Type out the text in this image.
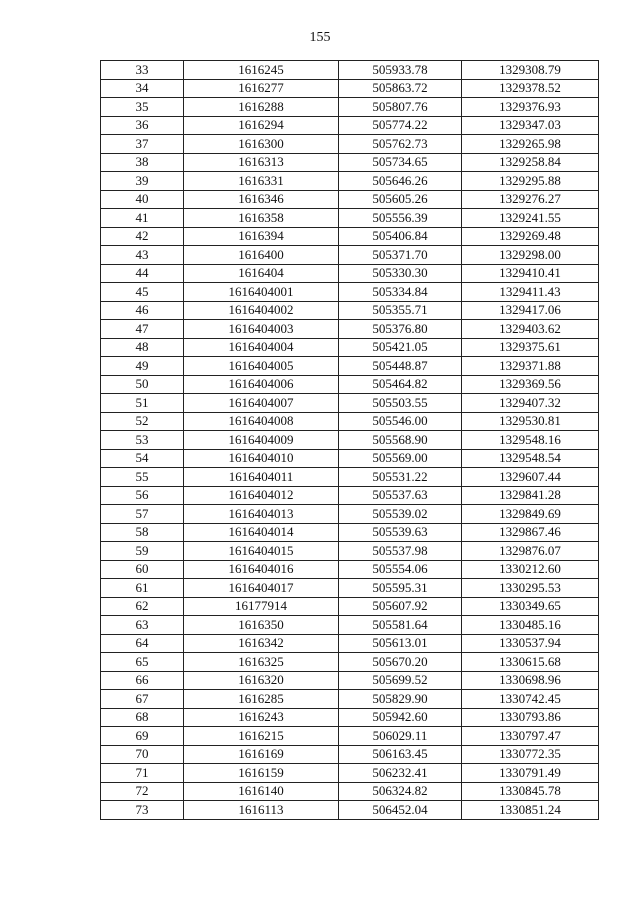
155
33	1616245	505933.78	1329308.79
34	1616277	505863.72	1329378.52
35	1616288	505807.76	1329376.93
36	1616294	505774.22	1329347.03
37	1616300	505762.73	1329265.98
38	1616313	505734.65	1329258.84
39	1616331	505646.26	1329295.88
40	1616346	505605.26	1329276.27
41	1616358	505556.39	1329241.55
42	1616394	505406.84	1329269.48
43	1616400	505371.70	1329298.00
44	1616404	505330.30	1329410.41
45	1616404001	505334.84	1329411.43
46	1616404002	505355.71	1329417.06
47	1616404003	505376.80	1329403.62
48	1616404004	505421.05	1329375.61
49	1616404005	505448.87	1329371.88
50	1616404006	505464.82	1329369.56
51	1616404007	505503.55	1329407.32
52	1616404008	505546.00	1329530.81
53	1616404009	505568.90	1329548.16
54	1616404010	505569.00	1329548.54
55	1616404011	505531.22	1329607.44
56	1616404012	505537.63	1329841.28
57	1616404013	505539.02	1329849.69
58	1616404014	505539.63	1329867.46
59	1616404015	505537.98	1329876.07
60	1616404016	505554.06	1330212.60
61	1616404017	505595.31	1330295.53
62	16177914	505607.92	1330349.65
63	1616350	505581.64	1330485.16
64	1616342	505613.01	1330537.94
65	1616325	505670.20	1330615.68
66	1616320	505699.52	1330698.96
67	1616285	505829.90	1330742.45
68	1616243	505942.60	1330793.86
69	1616215	506029.11	1330797.47
70	1616169	506163.45	1330772.35
71	1616159	506232.41	1330791.49
72	1616140	506324.82	1330845.78
73	1616113	506452.04	1330851.24
